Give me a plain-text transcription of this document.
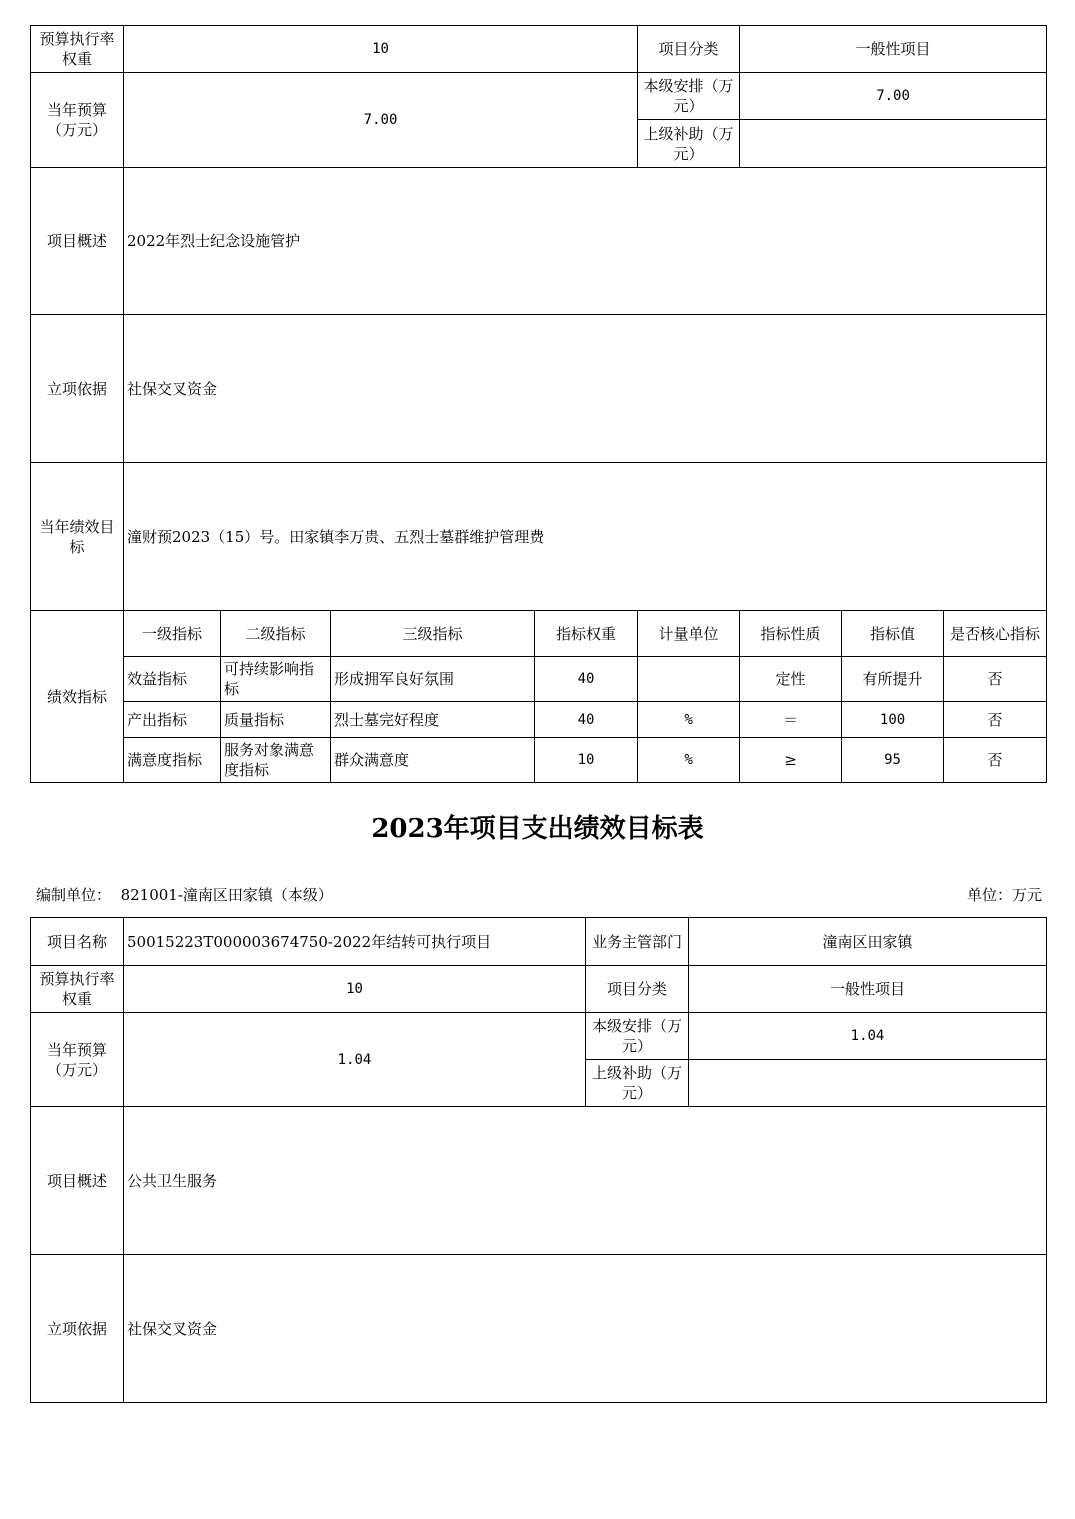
预算执行率权重	10				项目分类	一般性项目		
当年预算（万元）	7.00				本级安排（万元）	7.00		
					上级补助（万元）			
项目概述	2022年烈士纪念设施管护							
立项依据	社保交叉资金							
当年绩效目标	潼财预2023（15）号。田家镇李万贵、五烈士墓群维护管理费							
绩效指标	一级指标	二级指标	三级指标	指标权重	计量单位	指标性质	指标值	是否核心指标
	效益指标	可持续影响指标	形成拥军良好氛围	40		定性	有所提升	否
	产出指标	质量指标	烈士墓完好程度	40	%	＝	100	否
	满意度指标	服务对象满意度指标	群众满意度	10	%	≥	95	否
2023年项目支出绩效目标表
编制单位： 821001-潼南区田家镇（本级）	单位：万元
项目名称	50015223T000003674750-2022年结转可执行项目	业务主管部门	潼南区田家镇
预算执行率权重	10	项目分类	一般性项目
当年预算（万元）	1.04	本级安排（万元）	1.04
		上级补助（万元）	
项目概述	公共卫生服务		
立项依据	社保交叉资金		
